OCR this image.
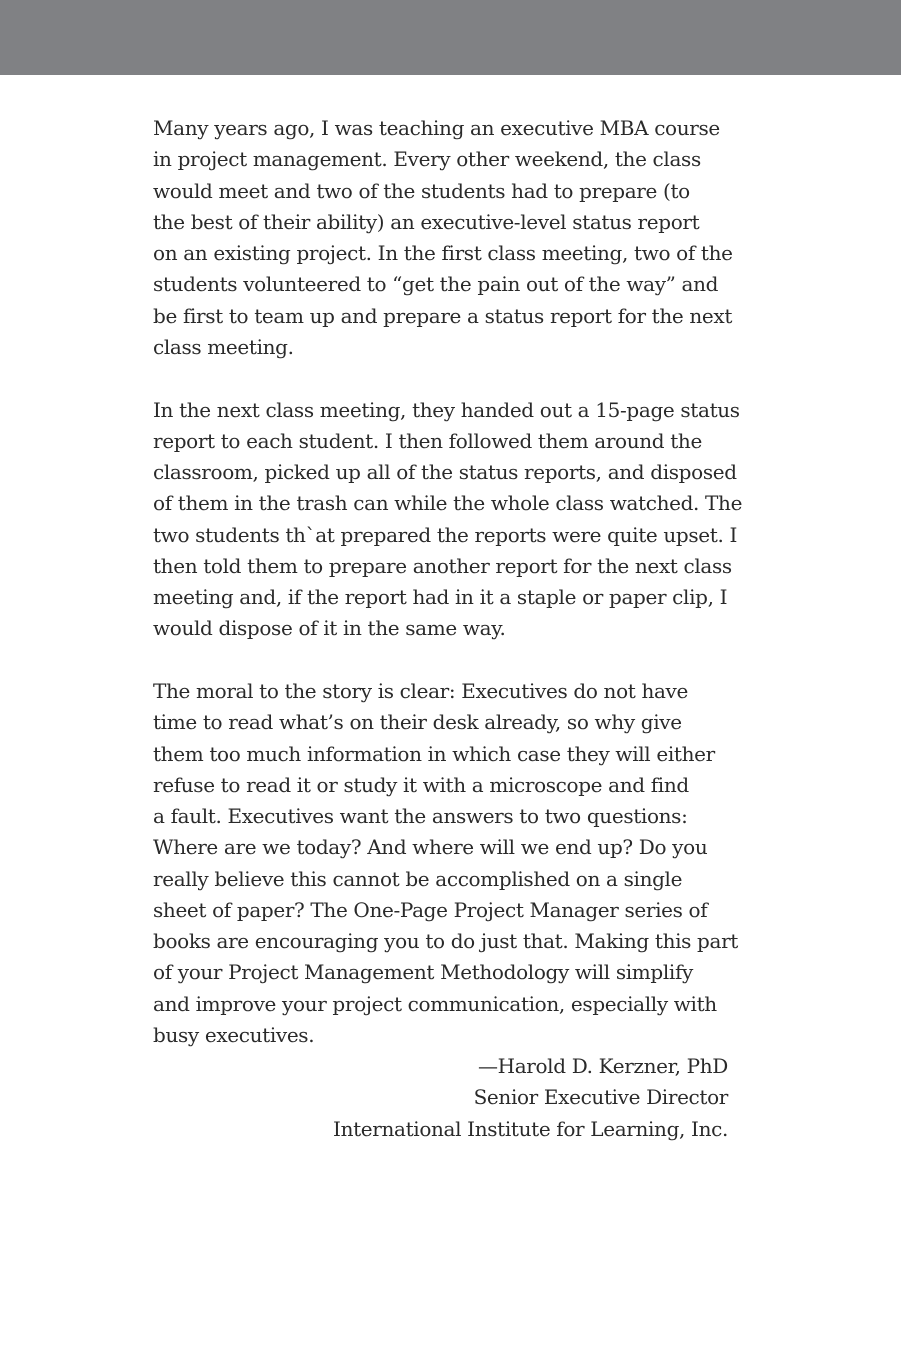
Many years ago, I was teaching an executive MBA course
in project management. Every other weekend, the class
would meet and two of the students had to prepare (to
the best of their ability) an executive-level status report
on an existing project. In the first class meeting, two of the
students volunteered to “get the pain out of the way” and
be first to team up and prepare a status report for the next
class meeting.
In the next class meeting, they handed out a 15-page status
report to each student. I then followed them around the
classroom, picked up all of the status reports, and disposed
of them in the trash can while the whole class watched. The
two students th`at prepared the reports were quite upset. I
then told them to prepare another report for the next class
meeting and, if the report had in it a staple or paper clip, I
would dispose of it in the same way.
The moral to the story is clear: Executives do not have
time to read what’s on their desk already, so why give
them too much information in which case they will either
refuse to read it or study it with a microscope and find
a fault. Executives want the answers to two questions:
Where are we today? And where will we end up? Do you
really believe this cannot be accomplished on a single
sheet of paper? The One-Page Project Manager series of
books are encouraging you to do just that. Making this part
of your Project Management Methodology will simplify
and improve your project communication, especially with
busy executives.
—Harold D. Kerzner, PhD
Senior Executive Director
International Institute for Learning, Inc.
